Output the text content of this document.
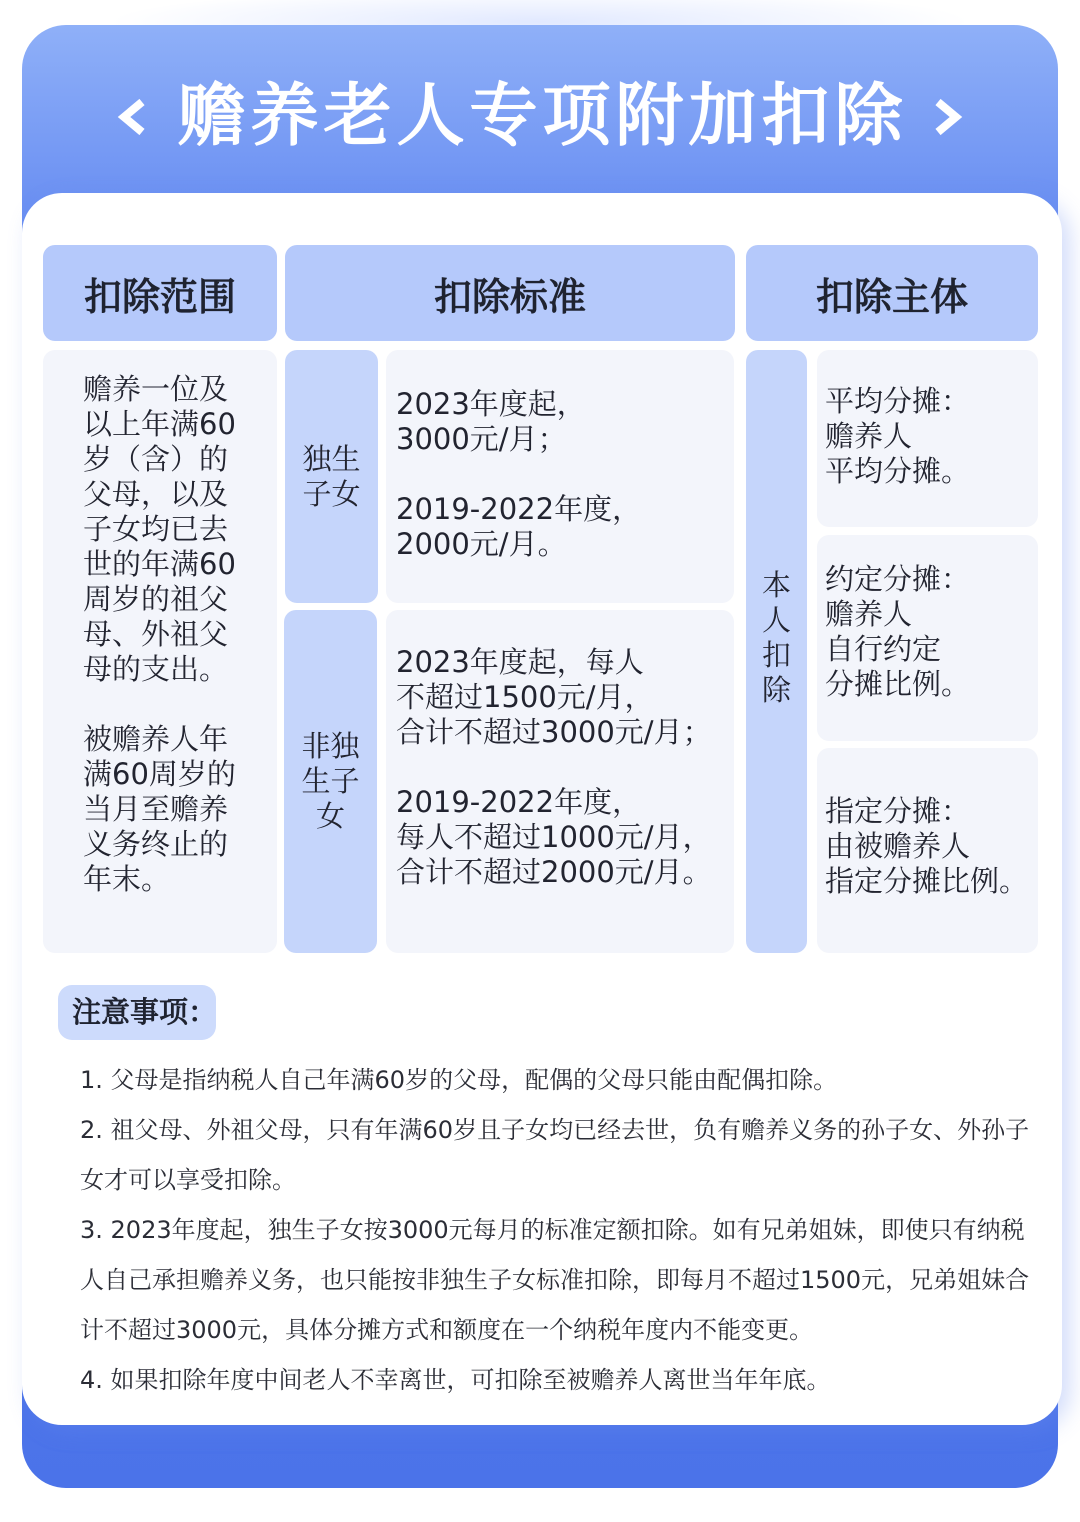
赡养老人专项附加扣除
扣除范围	扣除标准	扣除主体
赡养一位及
以上年满60
岁（含）的
父母，以及
子女均已去
世的年满60
周岁的祖父
母、外祖父
母的支出。
被赡养人年
满60周岁的
当月至赡养
义务终止的
年末。
独生子女
2023年度起，
3000元/月；
2019-2022年度，
2000元/月。
非独生子女
2023年度起，每人
不超过1500元/月，
合计不超过3000元/月；
2019-2022年度，
每人不超过1000元/月，
合计不超过2000元/月。
本人扣除
平均分摊：
赡养人
平均分摊。
约定分摊：
赡养人
自行约定
分摊比例。
指定分摊：
由被赡养人
指定分摊比例。
注意事项：

1. 父母是指纳税人自己年满60岁的父母，配偶的父母只能由配偶扣除。

2. 祖父母、外祖父母，只有年满60岁且子女均已经去世，负有赡养义务的孙子女、外孙子女才可以享受扣除。

3. 2023年度起，独生子女按3000元每月的标准定额扣除。如有兄弟姐妹，即使只有纳税人自己承担赡养义务，也只能按非独生子女标准扣除，即每月不超过1500元，兄弟姐妹合计不超过3000元，具体分摊方式和额度在一个纳税年度内不能变更。

4. 如果扣除年度中间老人不幸离世，可扣除至被赡养人离世当年年底。
